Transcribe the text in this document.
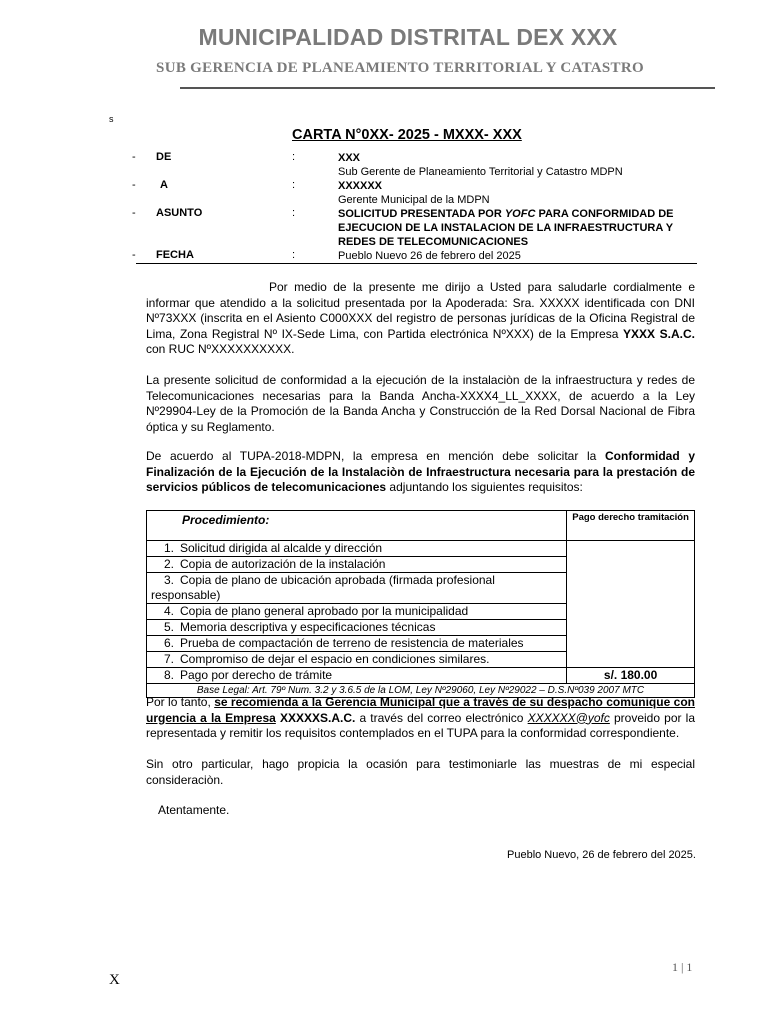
MUNICIPALIDAD DISTRITAL DEX XXX
SUB GERENCIA DE PLANEAMIENTO TERRITORIAL Y CATASTRO
s
CARTA N°0XX- 2025 - MXXX- XXX
- DE	:	XXX
Sub Gerente de Planeamiento Territorial y Catastro MDPN
- A	:	XXXXXX
Gerente Municipal de la MDPN
- ASUNTO	:	SOLICITUD PRESENTADA POR YOFC PARA CONFORMIDAD DE EJECUCION DE LA INSTALACION DE LA INFRAESTRUCTURA Y REDES DE TELECOMUNICACIONES
- FECHA	:	Pueblo Nuevo 26 de febrero del 2025
Por medio de la presente me dirijo a Usted para saludarle cordialmente e informar que atendido a la solicitud presentada por la Apoderada: Sra. XXXXX identificada con DNI Nº73XXX (inscrita en el Asiento C000XXX del registro de personas jurídicas de la Oficina Registral de Lima, Zona Registral Nº IX-Sede Lima, con Partida electrónica NºXXX) de la Empresa YXXX S.A.C. con RUC NºXXXXXXXXXX.
La presente solicitud de conformidad a la ejecución de la instalaciòn de la infraestructura y redes de Telecomunicaciones necesarias para la Banda Ancha-XXXX4_LL_XXXX, de acuerdo a la Ley Nº29904-Ley de la Promoción de la Banda Ancha y Construcción de la Red Dorsal Nacional de Fibra óptica y su Reglamento.
De acuerdo al TUPA-2018-MDPN, la empresa en mención debe solicitar la Conformidad y Finalización de la Ejecución de la Instalaciòn de Infraestructura necesaria para la prestación de servicios públicos de telecomunicaciones adjuntando los siguientes requisitos:
Procedimiento:	Pago derecho tramitación
1. Solicitud dirigida al alcalde y dirección	
2. Copia de autorización de la instalación	
3. Copia de plano de ubicación aprobada (firmada profesional responsable)	
4. Copia de plano general aprobado por la municipalidad	
5. Memoria descriptiva y especificaciones técnicas	
6. Prueba de compactación de terreno de resistencia de materiales	
7. Compromiso de dejar el espacio en condiciones similares.	
8. Pago por derecho de trámite	s/. 180.00
Base Legal: Art. 79º Num. 3.2 y 3.6.5 de la LOM, Ley Nº29060, Ley Nº29022 – D.S.Nº039 2007 MTC	
Por lo tanto, se recomienda a la Gerencia Municipal que a través de su despacho comunique con urgencia a la Empresa XXXXXS.A.C. a través del correo electrónico XXXXXX@yofc proveido por la representada y remitir los requisitos contemplados en el TUPA para la conformidad correspondiente.
Sin otro particular, hago propicia la ocasión para testimoniarle las muestras de mi especial consideraciòn.
Atentamente.
Pueblo Nuevo, 26 de febrero del 2025.
1 | 1
X
